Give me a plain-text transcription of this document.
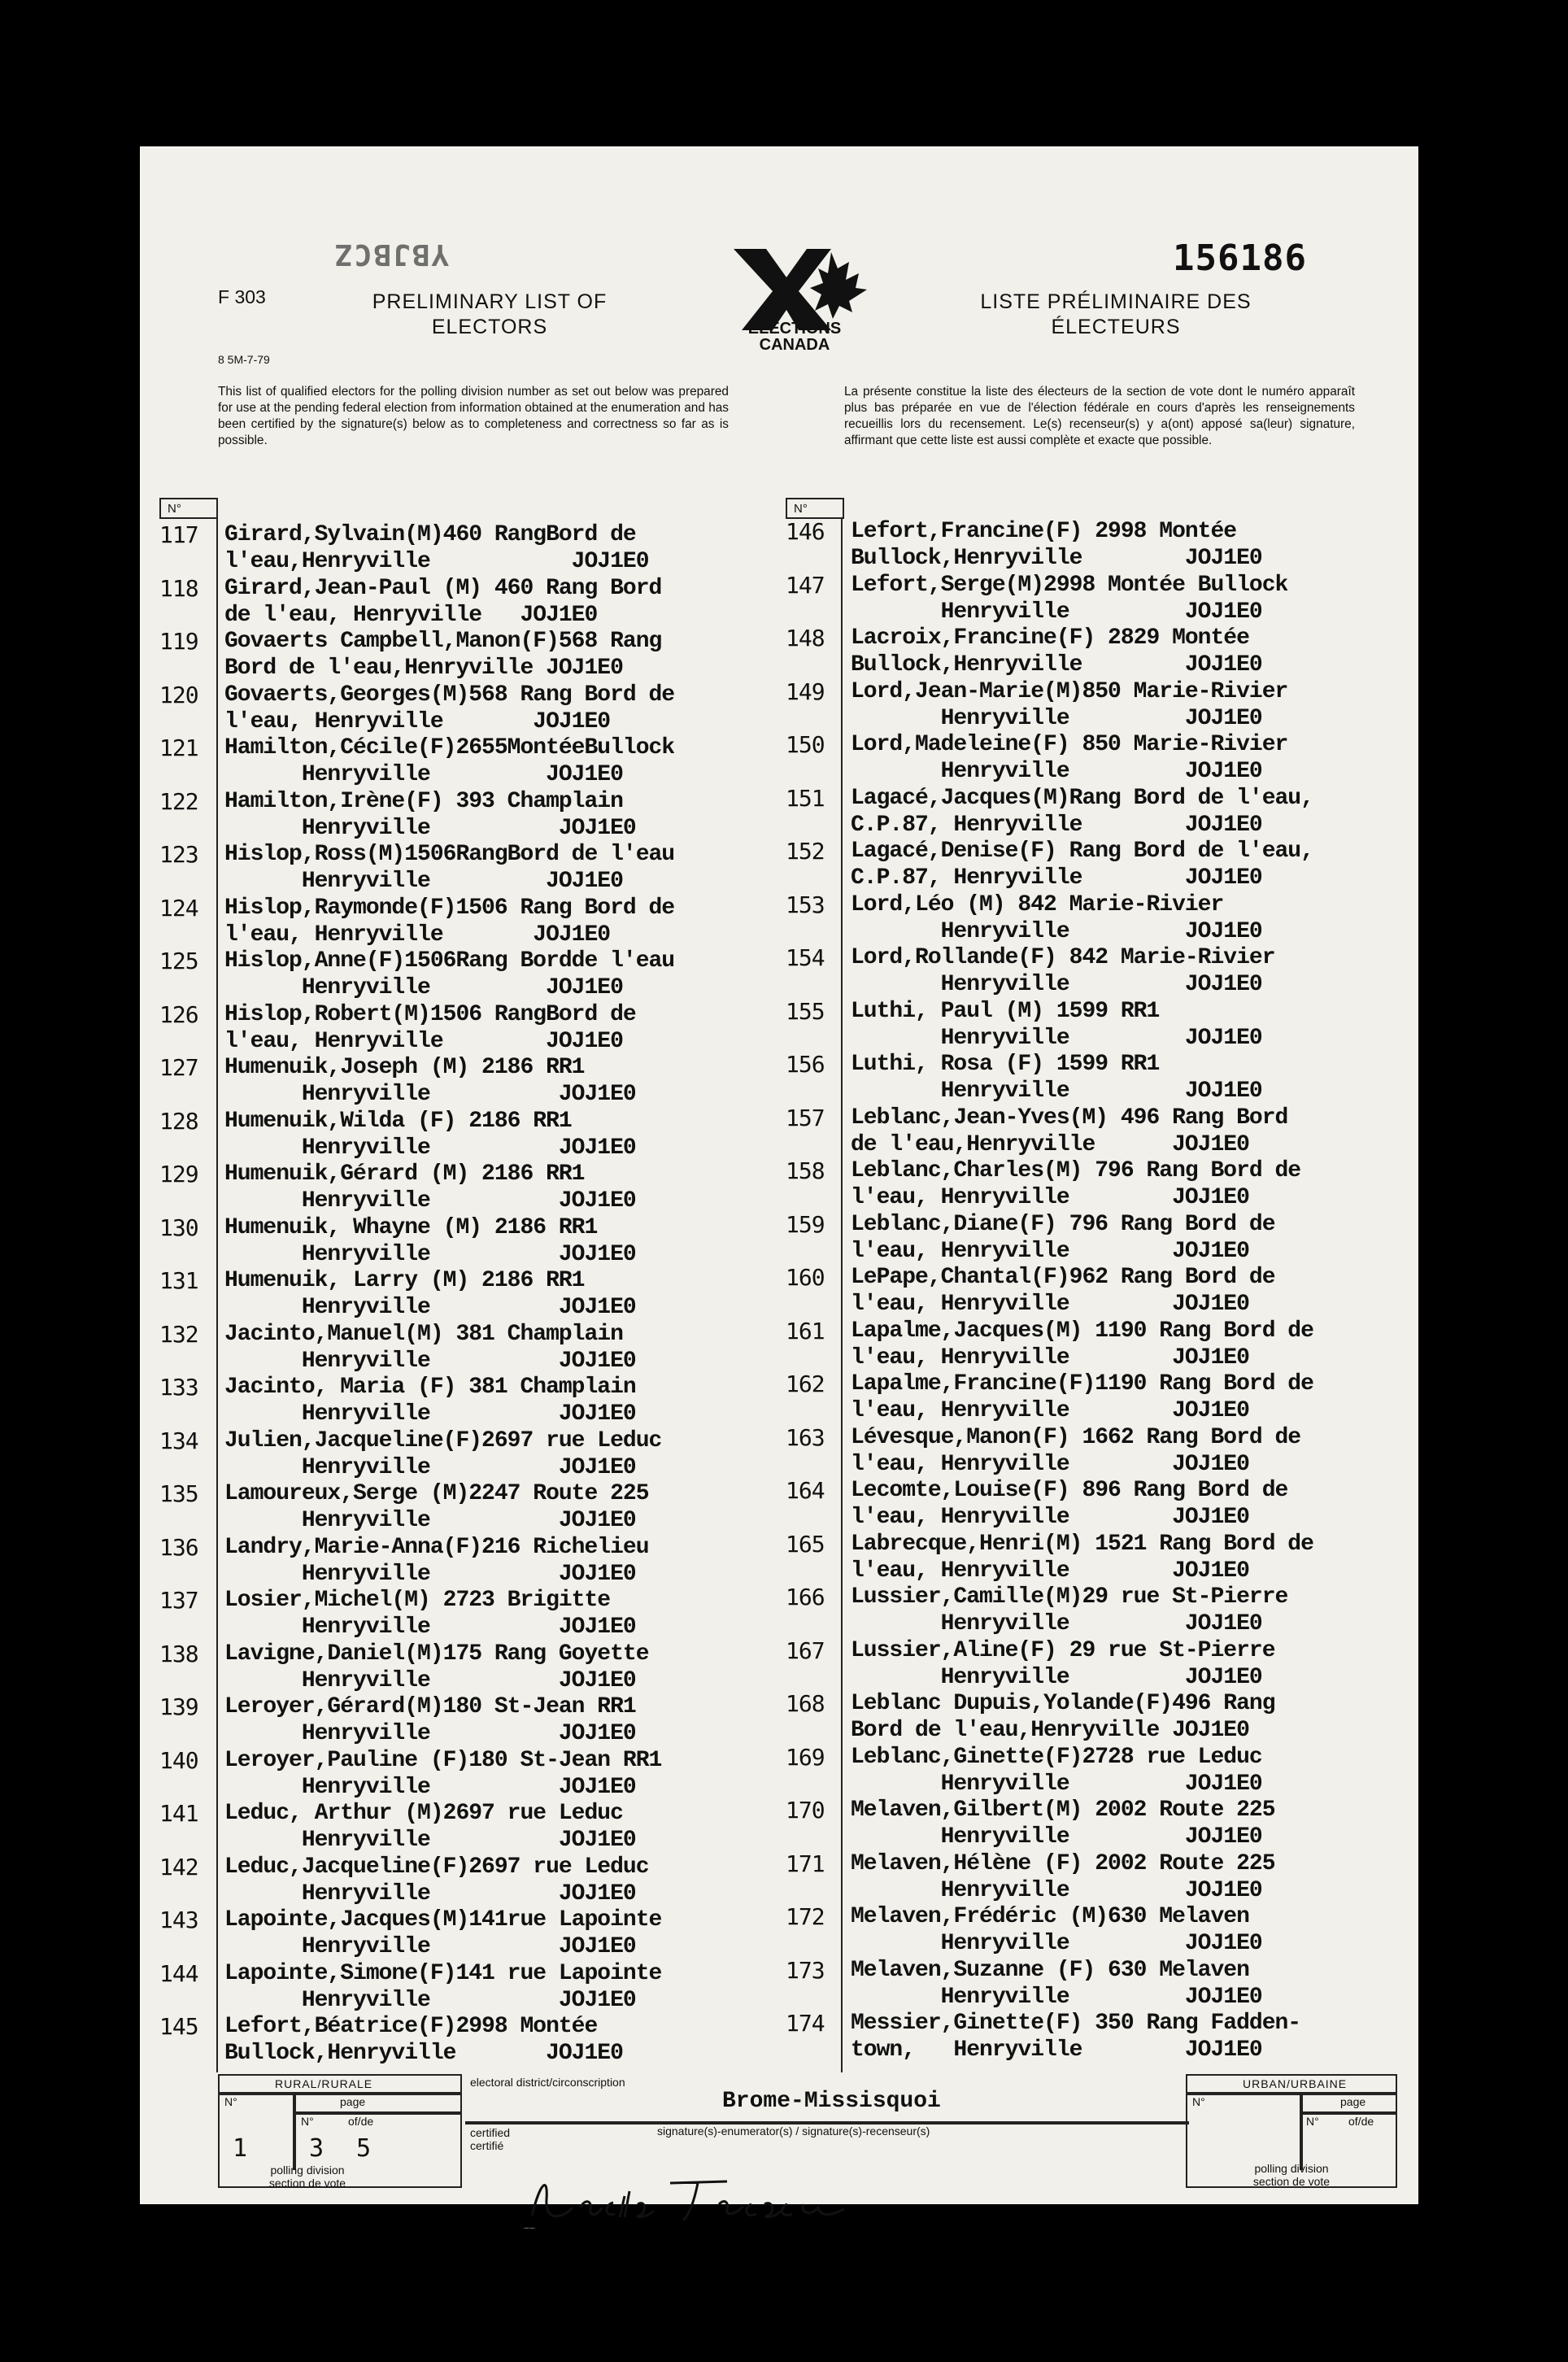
YBJBCZ	156186
F 303
8 5M-7-79
PRELIMINARY LIST OF
ELECTORS	ELECTIONS
CANADA
LISTE PRÉLIMINAIRE DES
ÉLECTEURS
This list of qualified electors for the polling division number as set out below was prepared for use at the pending federal election from information obtained at the enumeration and has been certified by the signature(s) below as to completeness and correctness so far as is possible.
La présente constitue la liste des électeurs de la section de vote dont le numéro apparaît plus bas préparée en vue de l'élection fédérale en cours d'après les renseignements recueillis lors du recensement. Le(s) recenseur(s) y a(ont) apposé sa(leur) signature, affirmant que cette liste est aussi complète et exacte que possible.
N°	N°
117	Girard,Sylvain(M)460 RangBord de
l'eau,Henryville           JOJ1E0
118	Girard,Jean-Paul (M) 460 Rang Bord
de l'eau, Henryville   JOJ1E0
119	Govaerts Campbell,Manon(F)568 Rang
Bord de l'eau,Henryville JOJ1E0
120	Govaerts,Georges(M)568 Rang Bord de
l'eau, Henryville       JOJ1E0
121	Hamilton,Cécile(F)2655MontéeBullock
Henryville         JOJ1E0
122	Hamilton,Irène(F) 393 Champlain
Henryville          JOJ1E0
123	Hislop,Ross(M)1506RangBord de l'eau
Henryville         JOJ1E0
124	Hislop,Raymonde(F)1506 Rang Bord de
l'eau, Henryville       JOJ1E0
125	Hislop,Anne(F)1506Rang Bordde l'eau
Henryville         JOJ1E0
126	Hislop,Robert(M)1506 RangBord de
l'eau, Henryville        JOJ1E0
127	Humenuik,Joseph (M) 2186 RR1
Henryville          JOJ1E0
128	Humenuik,Wilda (F) 2186 RR1
Henryville          JOJ1E0
129	Humenuik,Gérard (M) 2186 RR1
Henryville          JOJ1E0
130	Humenuik, Whayne (M) 2186 RR1
Henryville          JOJ1E0
131	Humenuik, Larry (M) 2186 RR1
Henryville          JOJ1E0
132	Jacinto,Manuel(M) 381 Champlain
Henryville          JOJ1E0
133	Jacinto, Maria (F) 381 Champlain
Henryville          JOJ1E0
134	Julien,Jacqueline(F)2697 rue Leduc
Henryville          JOJ1E0
135	Lamoureux,Serge (M)2247 Route 225
Henryville          JOJ1E0
136	Landry,Marie-Anna(F)216 Richelieu
Henryville          JOJ1E0
137	Losier,Michel(M) 2723 Brigitte
Henryville          JOJ1E0
138	Lavigne,Daniel(M)175 Rang Goyette
Henryville          JOJ1E0
139	Leroyer,Gérard(M)180 St-Jean RR1
Henryville          JOJ1E0
140	Leroyer,Pauline (F)180 St-Jean RR1
Henryville          JOJ1E0
141	Leduc, Arthur (M)2697 rue Leduc
Henryville          JOJ1E0
142	Leduc,Jacqueline(F)2697 rue Leduc
Henryville          JOJ1E0
143	Lapointe,Jacques(M)141rue Lapointe
Henryville          JOJ1E0
144	Lapointe,Simone(F)141 rue Lapointe
Henryville          JOJ1E0
145	Lefort,Béatrice(F)2998 Montée
Bullock,Henryville       JOJ1E0
146	Lefort,Francine(F) 2998 Montée
Bullock,Henryville        JOJ1E0
147	Lefort,Serge(M)2998 Montée Bullock
Henryville         JOJ1E0
148	Lacroix,Francine(F) 2829 Montée
Bullock,Henryville        JOJ1E0
149	Lord,Jean-Marie(M)850 Marie-Rivier
Henryville         JOJ1E0
150	Lord,Madeleine(F) 850 Marie-Rivier
Henryville         JOJ1E0
151	Lagacé,Jacques(M)Rang Bord de l'eau,
C.P.87, Henryville        JOJ1E0
152	Lagacé,Denise(F) Rang Bord de l'eau,
C.P.87, Henryville        JOJ1E0
153	Lord,Léo (M) 842 Marie-Rivier
Henryville         JOJ1E0
154	Lord,Rollande(F) 842 Marie-Rivier
Henryville         JOJ1E0
155	Luthi, Paul (M) 1599 RR1
Henryville         JOJ1E0
156	Luthi, Rosa (F) 1599 RR1
Henryville         JOJ1E0
157	Leblanc,Jean-Yves(M) 496 Rang Bord
de l'eau,Henryville      JOJ1E0
158	Leblanc,Charles(M) 796 Rang Bord de
l'eau, Henryville        JOJ1E0
159	Leblanc,Diane(F) 796 Rang Bord de
l'eau, Henryville        JOJ1E0
160	LePape,Chantal(F)962 Rang Bord de
l'eau, Henryville        JOJ1E0
161	Lapalme,Jacques(M) 1190 Rang Bord de
l'eau, Henryville        JOJ1E0
162	Lapalme,Francine(F)1190 Rang Bord de
l'eau, Henryville        JOJ1E0
163	Lévesque,Manon(F) 1662 Rang Bord de
l'eau, Henryville        JOJ1E0
164	Lecomte,Louise(F) 896 Rang Bord de
l'eau, Henryville        JOJ1E0
165	Labrecque,Henri(M) 1521 Rang Bord de
l'eau, Henryville        JOJ1E0
166	Lussier,Camille(M)29 rue St-Pierre
Henryville         JOJ1E0
167	Lussier,Aline(F) 29 rue St-Pierre
Henryville         JOJ1E0
168	Leblanc Dupuis,Yolande(F)496 Rang
Bord de l'eau,Henryville JOJ1E0
169	Leblanc,Ginette(F)2728 rue Leduc
Henryville         JOJ1E0
170	Melaven,Gilbert(M) 2002 Route 225
Henryville         JOJ1E0
171	Melaven,Hélène (F) 2002 Route 225
Henryville         JOJ1E0
172	Melaven,Frédéric (M)630 Melaven
Henryville         JOJ1E0
173	Melaven,Suzanne (F) 630 Melaven
Henryville         JOJ1E0
174	Messier,Ginette(F) 350 Rang Fadden-
town,   Henryville        JOJ1E0
RURAL/RURALE
N°	page
N°	of/de
1	3 5
polling division
section de vote
electoral district/circonscription
Brome-Missisquoi
certified
certifié
signature(s)-enumerator(s) / signature(s)-recenseur(s)
URBAN/URBAINE
N°	page
N°	of/de
polling division
section de vote
Lucille Trudeau
